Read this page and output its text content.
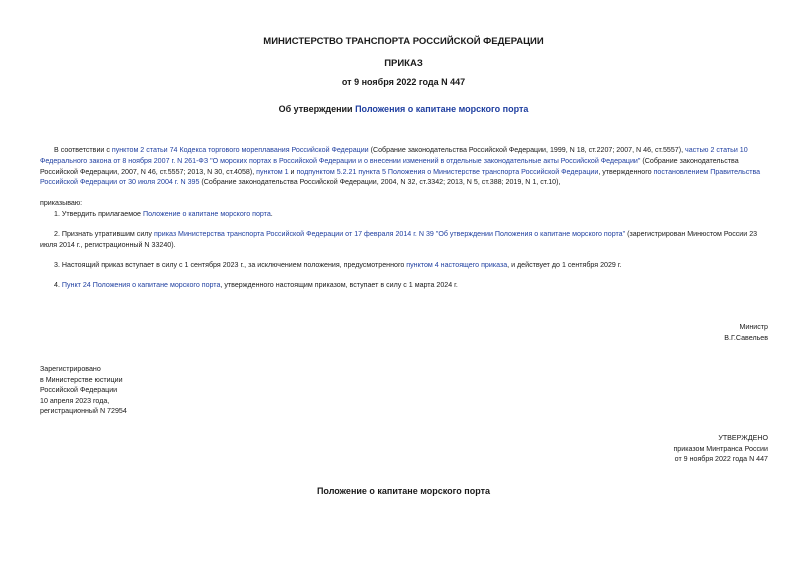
МИНИСТЕРСТВО ТРАНСПОРТА РОССИЙСКОЙ ФЕДЕРАЦИИ
ПРИКАЗ
от 9 ноября 2022 года N 447
Об утверждении Положения о капитане морского порта
В соответствии с пунктом 2 статьи 74 Кодекса торгового мореплавания Российской Федерации (Собрание законодательства Российской Федерации, 1999, N 18, ст.2207; 2007, N 46, ст.5557), частью 2 статьи 10 Федерального закона от 8 ноября 2007 г. N 261-ФЗ "О морских портах в Российской Федерации и о внесении изменений в отдельные законодательные акты Российской Федерации" (Собрание законодательства Российской Федерации, 2007, N 46, ст.5557; 2013, N 30, ст.4058), пунктом 1 и подпунктом 5.2.21 пункта 5 Положения о Министерстве транспорта Российской Федерации, утвержденного постановлением Правительства Российской Федерации от 30 июля 2004 г. N 395 (Собрание законодательства Российской Федерации, 2004, N 32, ст.3342; 2013, N 5, ст.388; 2019, N 1, ст.10),
приказываю:
1. Утвердить прилагаемое Положение о капитане морского порта.
2. Признать утратившим силу приказ Министерства транспорта Российской Федерации от 17 февраля 2014 г. N 39 "Об утверждении Положения о капитане морского порта" (зарегистрирован Минюстом России 23 июля 2014 г., регистрационный N 33240).
3. Настоящий приказ вступает в силу с 1 сентября 2023 г., за исключением положения, предусмотренного пунктом 4 настоящего приказа, и действует до 1 сентября 2029 г.
4. Пункт 24 Положения о капитане морского порта, утвержденного настоящим приказом, вступает в силу с 1 марта 2024 г.
Министр
В.Г.Савельев
Зарегистрировано
в Министерстве юстиции
Российской Федерации
10 апреля 2023 года,
регистрационный N 72954
УТВЕРЖДЕНО
приказом Минтранса России
от 9 ноября 2022 года N 447
Положение о капитане морского порта
